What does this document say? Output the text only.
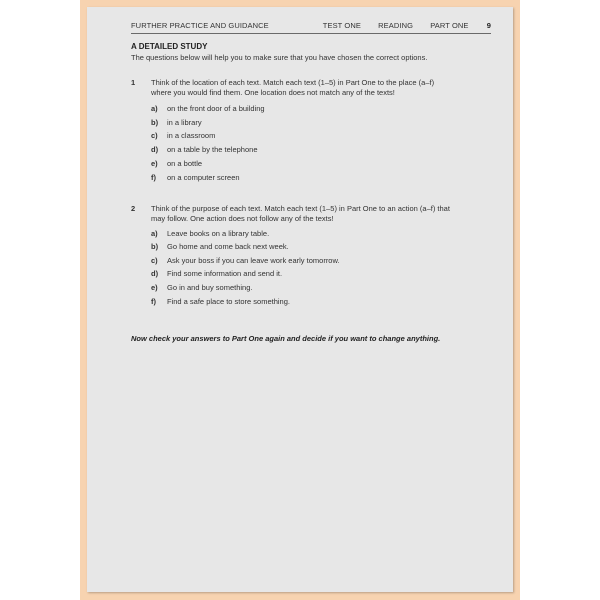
FURTHER PRACTICE AND GUIDANCE	TEST ONE READING PART ONE 9
A DETAILED STUDY
The questions below will help you to make sure that you have chosen the correct options.
1 Think of the location of each text. Match each text (1–5) in Part One to the place (a–f) where you would find them. One location does not match any of the texts!
a) on the front door of a building
b) in a library
c) in a classroom
d) on a table by the telephone
e) on a bottle
f) on a computer screen
2 Think of the purpose of each text. Match each text (1–5) in Part One to an action (a–f) that may follow. One action does not follow any of the texts!
a) Leave books on a library table.
b) Go home and come back next week.
c) Ask your boss if you can leave work early tomorrow.
d) Find some information and send it.
e) Go in and buy something.
f) Find a safe place to store something.
Now check your answers to Part One again and decide if you want to change anything.
